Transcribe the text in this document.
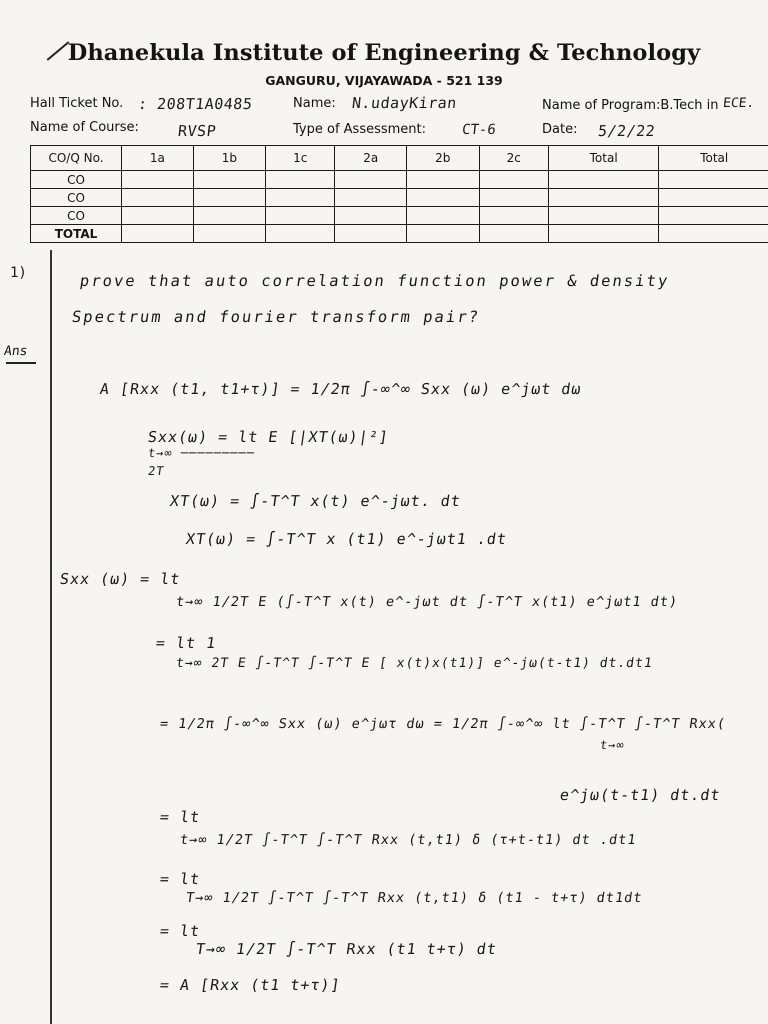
Dhanekula Institute of Engineering & Technology
GANGURU, VIJAYAWADA - 521 139
Hall Ticket No. : 208T1A0485	Name: N.udayKiran	Name of Program:B.Tech in ECE.
Name of Course:	RVSP	Type of Assessment:	CT-6	Date: 5/2/22
CO/Q No.	1a	1b	1c	2a	2b	2c	Total	Total
CO								
CO								
CO								
TOTAL								
1)	prove that auto correlation function power & density
Spectrum and fourier transform pair?
Ans
A [Rxx (t1, t1+τ)] = 1/2π ∫-∞^∞ Sxx (ω) e^jωt dω
Sxx(ω) = lt E [|XT(ω)|²]
t→∞ ─────────
2T
XT(ω) = ∫-T^T x(t) e^-jωt. dt
XT(ω) = ∫-T^T x (t1) e^-jωt1 .dt
Sxx (ω) = lt
t→∞ 1/2T E (∫-T^T x(t) e^-jωt dt ∫-T^T x(t1) e^jωt1 dt)
= lt 1
t→∞ 2T E ∫-T^T ∫-T^T E [ x(t)x(t1)] e^-jω(t-t1) dt.dt1
= 1/2π ∫-∞^∞ Sxx (ω) e^jωτ dω = 1/2π ∫-∞^∞ lt ∫-T^T ∫-T^T Rxx(
t→∞
e^jω(t-t1) dt.dt
= lt
t→∞ 1/2T ∫-T^T ∫-T^T Rxx (t,t1) δ (τ+t-t1) dt .dt1
= lt
T→∞ 1/2T ∫-T^T ∫-T^T Rxx (t,t1) δ (t1 - t+τ) dt1dt
= lt
T→∞ 1/2T ∫-T^T Rxx (t1 t+τ) dt
= A [Rxx (t1 t+τ)]
